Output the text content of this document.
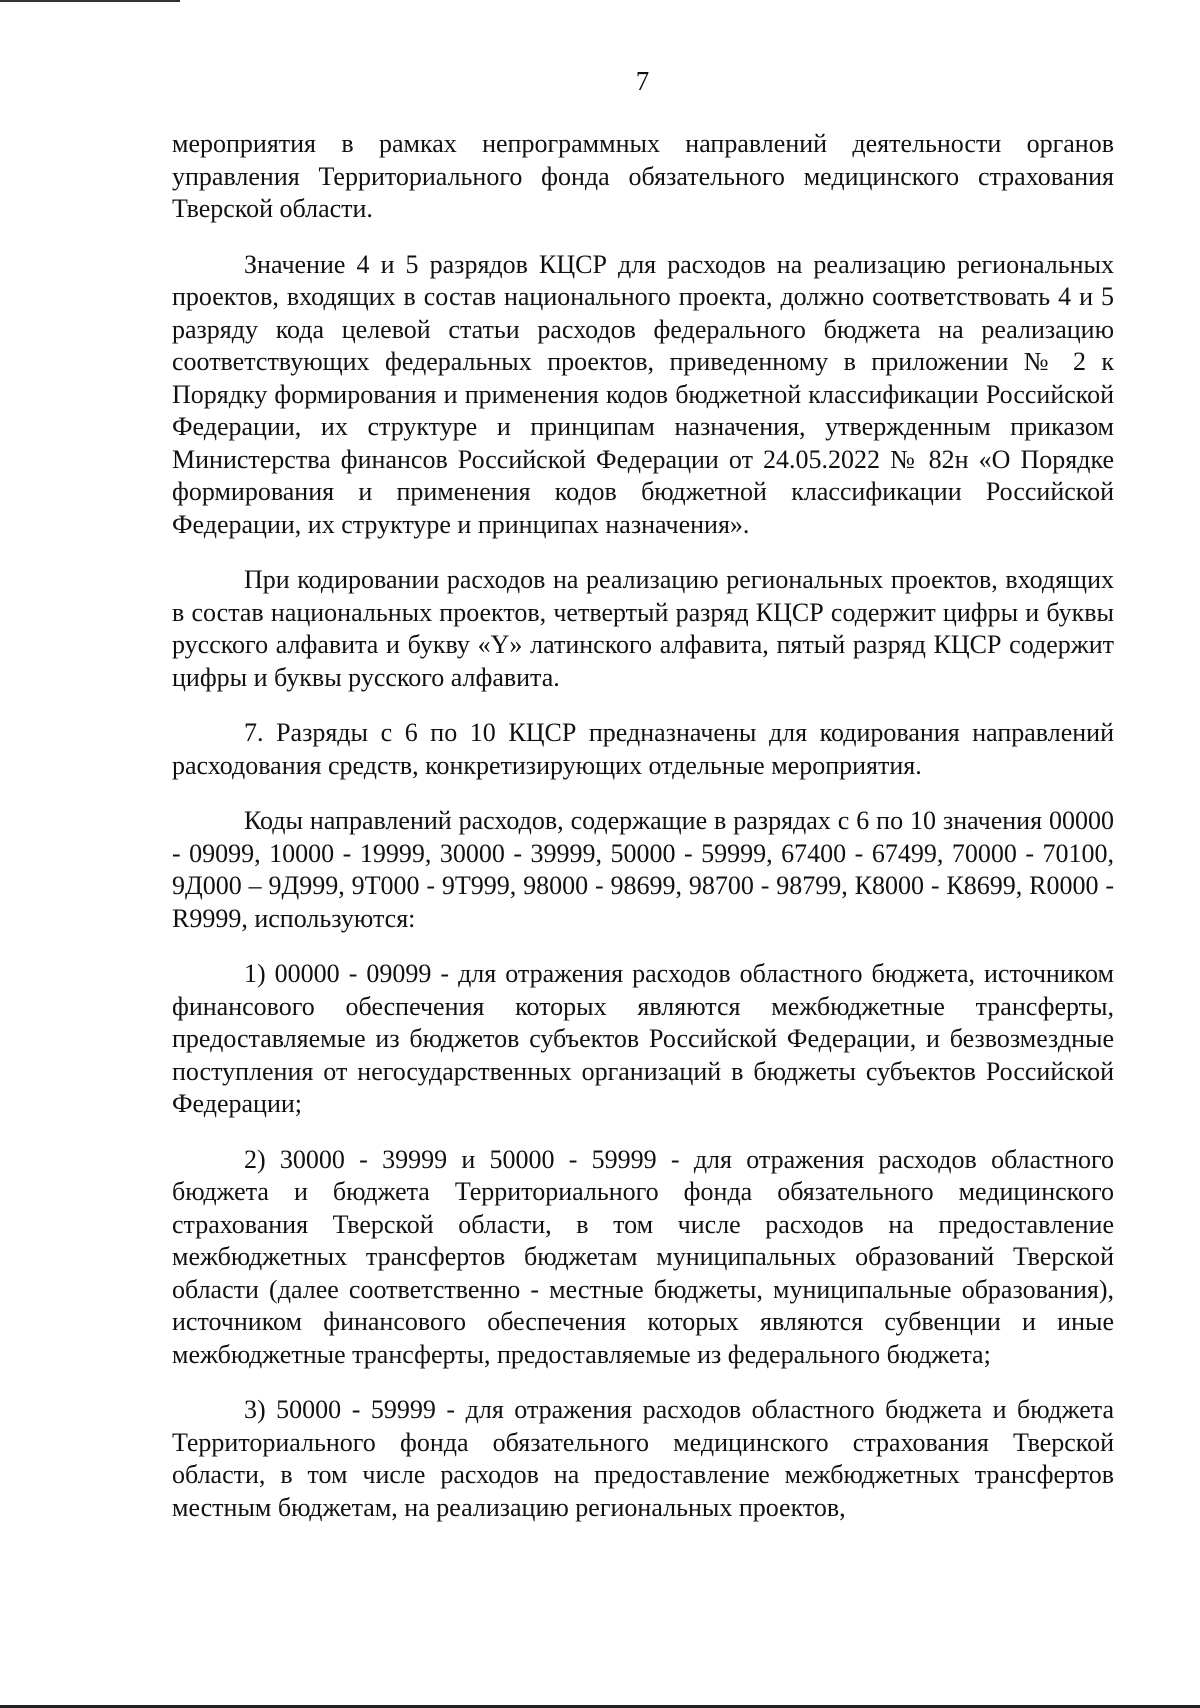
7

мероприятия в рамках непрограммных направлений деятельности органов управления Территориального фонда обязательного медицинского страхования Тверской области.

Значение 4 и 5 разрядов КЦСР для расходов на реализацию региональных проектов, входящих в состав национального проекта, должно соответствовать 4 и 5 разряду кода целевой статьи расходов федерального бюджета на реализацию соответствующих федеральных проектов, приведенному в приложении № 2 к Порядку формирования и применения кодов бюджетной классификации Российской Федерации, их структуре и принципам назначения, утвержденным приказом Министерства финансов Российской Федерации от 24.05.2022 № 82н «О Порядке формирования и применения кодов бюджетной классификации Российской Федерации, их структуре и принципах назначения».

При кодировании расходов на реализацию региональных проектов, входящих в состав национальных проектов, четвертый разряд КЦСР содержит цифры и буквы русского алфавита и букву «Y» латинского алфавита, пятый разряд КЦСР содержит цифры и буквы русского алфавита.

7. Разряды с 6 по 10 КЦСР предназначены для кодирования направлений расходования средств, конкретизирующих отдельные мероприятия.

Коды направлений расходов, содержащие в разрядах с 6 по 10 значения 00000 - 09099, 10000 - 19999, 30000 - 39999, 50000 - 59999, 67400 - 67499, 70000 - 70100, 9Д000 – 9Д999, 9Т000 - 9Т999, 98000 - 98699, 98700 - 98799, К8000 - К8699, R0000 - R9999, используются:

1) 00000 - 09099 - для отражения расходов областного бюджета, источником финансового обеспечения которых являются межбюджетные трансферты, предоставляемые из бюджетов субъектов Российской Федерации, и безвозмездные поступления от негосударственных организаций в бюджеты субъектов Российской Федерации;

2) 30000 - 39999 и 50000 - 59999 - для отражения расходов областного бюджета и бюджета Территориального фонда обязательного медицинского страхования Тверской области, в том числе расходов на предоставление межбюджетных трансфертов бюджетам муниципальных образований Тверской области (далее соответственно - местные бюджеты, муниципальные образования), источником финансового обеспечения которых являются субвенции и иные межбюджетные трансферты, предоставляемые из федерального бюджета;

3) 50000 - 59999 - для отражения расходов областного бюджета и бюджета Территориального фонда обязательного медицинского страхования Тверской области, в том числе расходов на предоставление межбюджетных трансфертов местным бюджетам, на реализацию региональных проектов,
